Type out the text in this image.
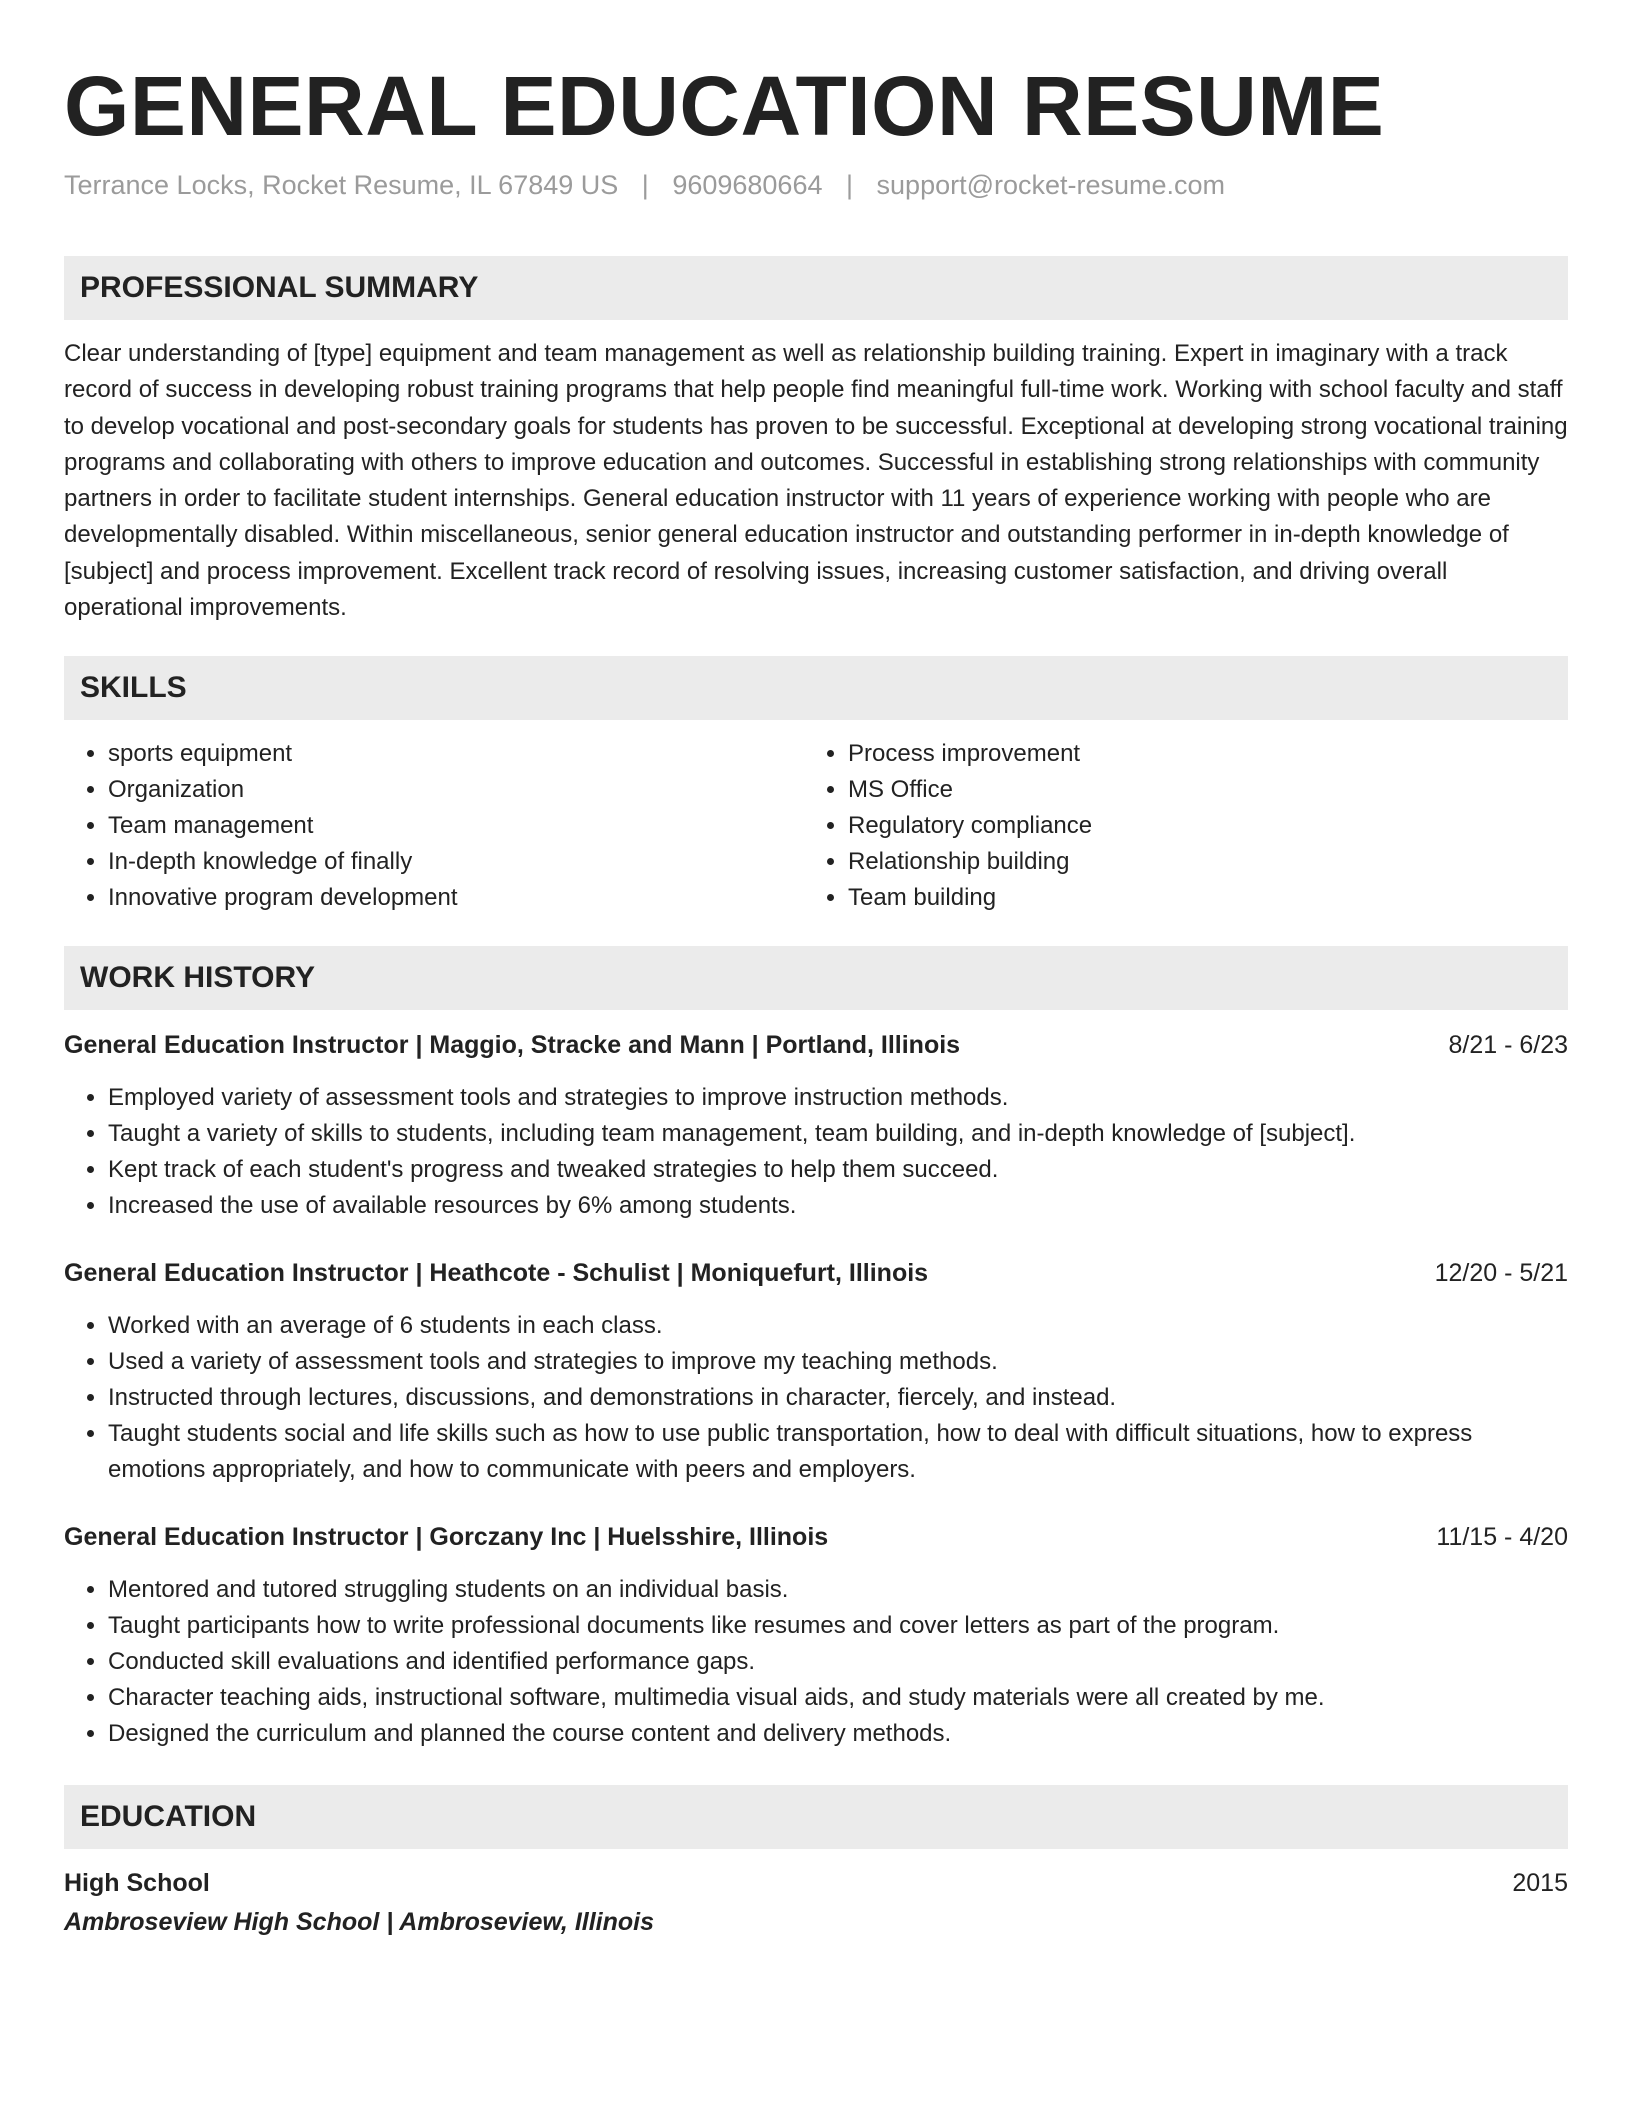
GENERAL EDUCATION RESUME
Terrance Locks, Rocket Resume, IL 67849 US | 9609680664 | support@rocket-resume.com
PROFESSIONAL SUMMARY
Clear understanding of [type] equipment and team management as well as relationship building training. Expert in imaginary with a track record of success in developing robust training programs that help people find meaningful full-time work. Working with school faculty and staff to develop vocational and post-secondary goals for students has proven to be successful. Exceptional at developing strong vocational training programs and collaborating with others to improve education and outcomes. Successful in establishing strong relationships with community partners in order to facilitate student internships. General education instructor with 11 years of experience working with people who are developmentally disabled. Within miscellaneous, senior general education instructor and outstanding performer in in-depth knowledge of [subject] and process improvement. Excellent track record of resolving issues, increasing customer satisfaction, and driving overall operational improvements.
SKILLS
• sports equipment
• Organization
• Team management
• In-depth knowledge of finally
• Innovative program development
• Process improvement
• MS Office
• Regulatory compliance
• Relationship building
• Team building
WORK HISTORY
General Education Instructor | Maggio, Stracke and Mann | Portland, Illinois	8/21 - 6/23
• Employed variety of assessment tools and strategies to improve instruction methods.
• Taught a variety of skills to students, including team management, team building, and in-depth knowledge of [subject].
• Kept track of each student's progress and tweaked strategies to help them succeed.
• Increased the use of available resources by 6% among students.
General Education Instructor | Heathcote - Schulist | Moniquefurt, Illinois	12/20 - 5/21
• Worked with an average of 6 students in each class.
• Used a variety of assessment tools and strategies to improve my teaching methods.
• Instructed through lectures, discussions, and demonstrations in character, fiercely, and instead.
• Taught students social and life skills such as how to use public transportation, how to deal with difficult situations, how to express emotions appropriately, and how to communicate with peers and employers.
General Education Instructor | Gorczany Inc | Huelsshire, Illinois	11/15 - 4/20
• Mentored and tutored struggling students on an individual basis.
• Taught participants how to write professional documents like resumes and cover letters as part of the program.
• Conducted skill evaluations and identified performance gaps.
• Character teaching aids, instructional software, multimedia visual aids, and study materials were all created by me.
• Designed the curriculum and planned the course content and delivery methods.
EDUCATION
High School	2015
Ambroseview High School | Ambroseview, Illinois
